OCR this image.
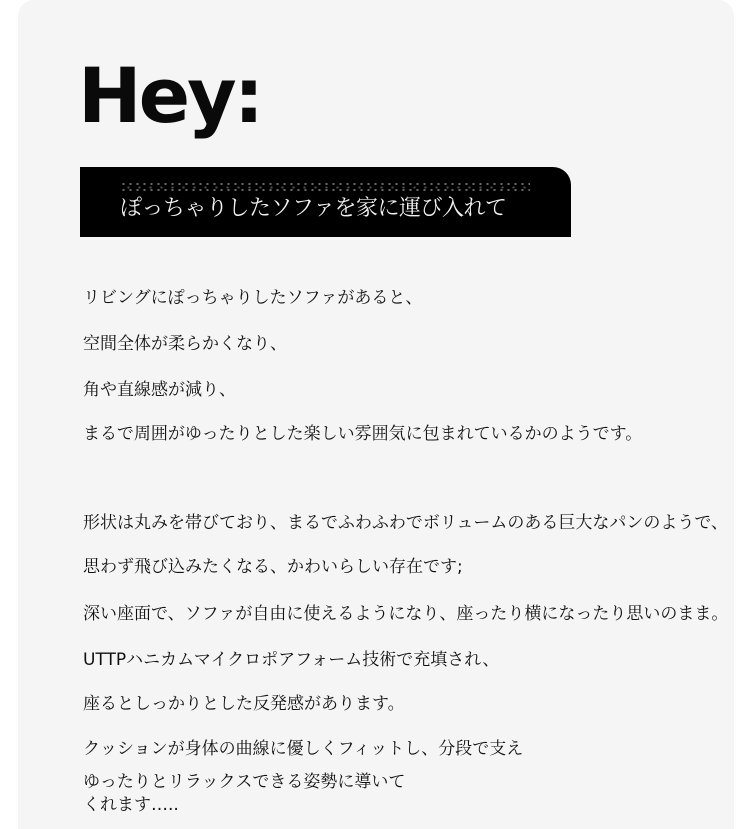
Hey:
ぽっちゃりしたソファを家に運び入れて

リビングにぽっちゃりしたソファがあると、

空間全体が柔らかくなり、

角や直線感が減り、

まるで周囲がゆったりとした楽しい雰囲気に包まれているかのようです。

形状は丸みを帯びており、まるでふわふわでボリュームのある巨大なパンのようで、

思わず飛び込みたくなる、かわいらしい存在です;

深い座面で、ソファが自由に使えるようになり、座ったり横になったり思いのまま。

UTTPハニカムマイクロポアフォーム技術で充填され、

座るとしっかりとした反発感があります。

クッションが身体の曲線に優しくフィットし、分段で支え

ゆったりとリラックスできる姿勢に導いて

くれます…..
